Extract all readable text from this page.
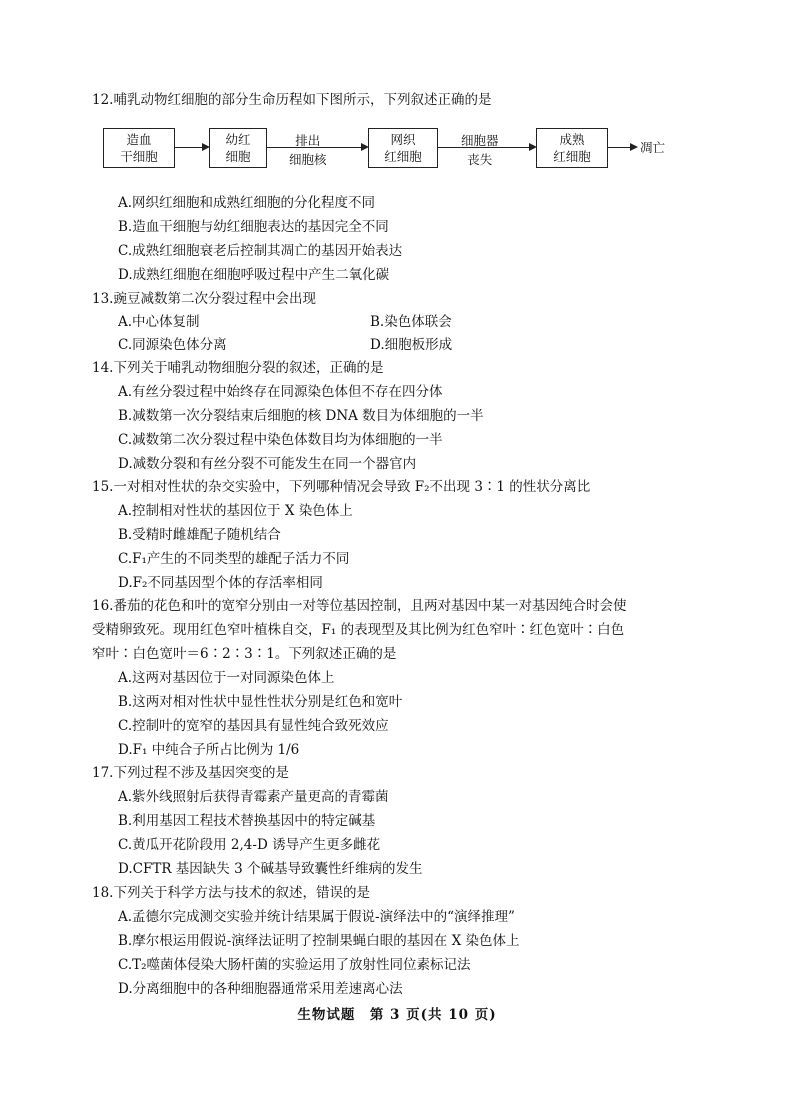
12.哺乳动物红细胞的部分生命历程如下图所示，下列叙述正确的是
造血
干细胞
幼红
细胞
排出
细胞核
网织
红细胞
细胞器
丧失
成熟
红细胞
凋亡
A.网织红细胞和成熟红细胞的分化程度不同
B.造血干细胞与幼红细胞表达的基因完全不同
C.成熟红细胞衰老后控制其凋亡的基因开始表达
D.成熟红细胞在细胞呼吸过程中产生二氧化碳
13.豌豆减数第二次分裂过程中会出现
A.中心体复制	B.染色体联会
C.同源染色体分离	D.细胞板形成
14.下列关于哺乳动物细胞分裂的叙述，正确的是
A.有丝分裂过程中始终存在同源染色体但不存在四分体
B.减数第一次分裂结束后细胞的核 DNA 数目为体细胞的一半
C.减数第二次分裂过程中染色体数目均为体细胞的一半
D.减数分裂和有丝分裂不可能发生在同一个器官内
15.一对相对性状的杂交实验中，下列哪种情况会导致 F₂不出现 3∶1 的性状分离比
A.控制相对性状的基因位于 X 染色体上
B.受精时雌雄配子随机结合
C.F₁产生的不同类型的雄配子活力不同
D.F₂不同基因型个体的存活率相同
16.番茄的花色和叶的宽窄分别由一对等位基因控制，且两对基因中某一对基因纯合时会使
受精卵致死。现用红色窄叶植株自交，F₁ 的表现型及其比例为红色窄叶∶红色宽叶∶白色
窄叶∶白色宽叶＝6∶2∶3∶1。下列叙述正确的是
A.这两对基因位于一对同源染色体上
B.这两对相对性状中显性性状分别是红色和宽叶
C.控制叶的宽窄的基因具有显性纯合致死效应
D.F₁ 中纯合子所占比例为 1/6
17.下列过程不涉及基因突变的是
A.紫外线照射后获得青霉素产量更高的青霉菌
B.利用基因工程技术替换基因中的特定碱基
C.黄瓜开花阶段用 2,4-D 诱导产生更多雌花
D.CFTR 基因缺失 3 个碱基导致囊性纤维病的发生
18.下列关于科学方法与技术的叙述，错误的是
A.孟德尔完成测交实验并统计结果属于假说-演绎法中的“演绎推理”
B.摩尔根运用假说-演绎法证明了控制果蝇白眼的基因在 X 染色体上
C.T₂噬菌体侵染大肠杆菌的实验运用了放射性同位素标记法
D.分离细胞中的各种细胞器通常采用差速离心法
生物试题　第 3 页(共 10 页)
